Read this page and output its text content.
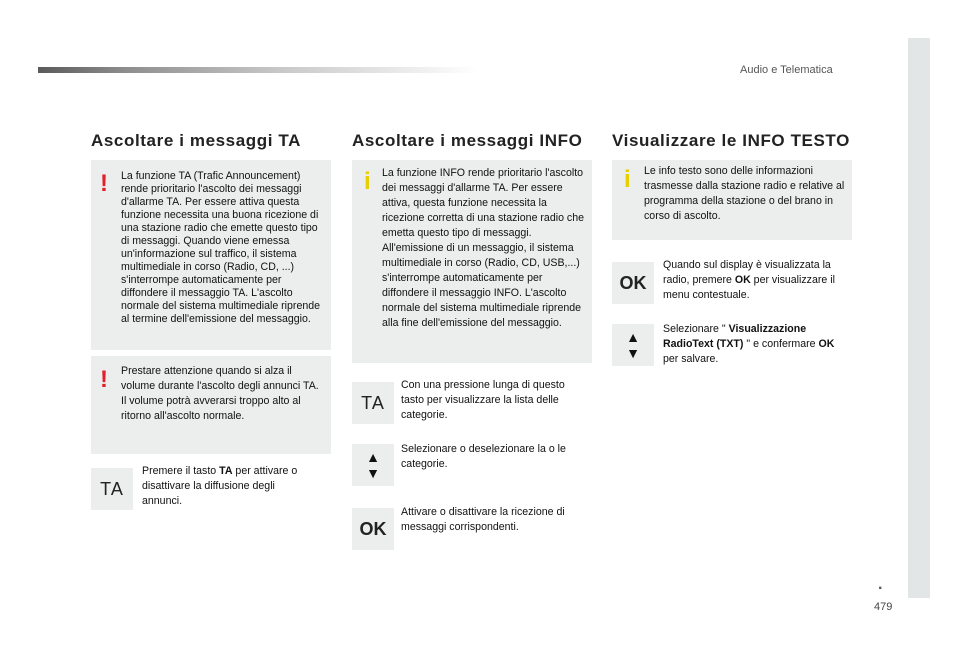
Audio e Telematica
Ascoltare i messaggi TA
! La funzione TA (Trafic Announcement) rende prioritario l'ascolto dei messaggi d'allarme TA. Per essere attiva questa funzione necessita una buona ricezione di una stazione radio che emette questo tipo di messaggi. Quando viene emessa un'informazione sul traffico, il sistema multimediale in corso (Radio, CD, ...) s'interrompe automaticamente per diffondere il messaggio TA. L'ascolto normale del sistema multimediale riprende al termine dell'emissione del messaggio.
! Prestare attenzione quando si alza il volume durante l'ascolto degli annunci TA. Il volume potrà avverarsi troppo alto al ritorno all'ascolto normale.
TA
Premere il tasto TA per attivare o disattivare la diffusione degli annunci.
Ascoltare i messaggi INFO
i La funzione INFO rende prioritario l'ascolto dei messaggi d'allarme TA. Per essere attiva, questa funzione necessita la ricezione corretta di una stazione radio che emetta questo tipo di messaggi. All'emissione di un messaggio, il sistema multimediale in corso (Radio, CD, USB,...) s'interrompe automaticamente per diffondere il messaggio INFO. L'ascolto normale del sistema multimediale riprende alla fine dell'emissione del messaggio.
TA
Con una pressione lunga di questo tasto per visualizzare la lista delle categorie.
▲
▼
Selezionare o deselezionare la o le categorie.
OK
Attivare o disattivare la ricezione di messaggi corrispondenti.
Visualizzare le INFO TESTO
i Le info testo sono delle informazioni trasmesse dalla stazione radio e relative al programma della stazione o del brano in corso di ascolto.
OK
Quando sul display è visualizzata la radio, premere OK per visualizzare il menu contestuale.
▲
▼
Selezionare " Visualizzazione RadioText (TXT) " e confermare OK per salvare.
.
479
